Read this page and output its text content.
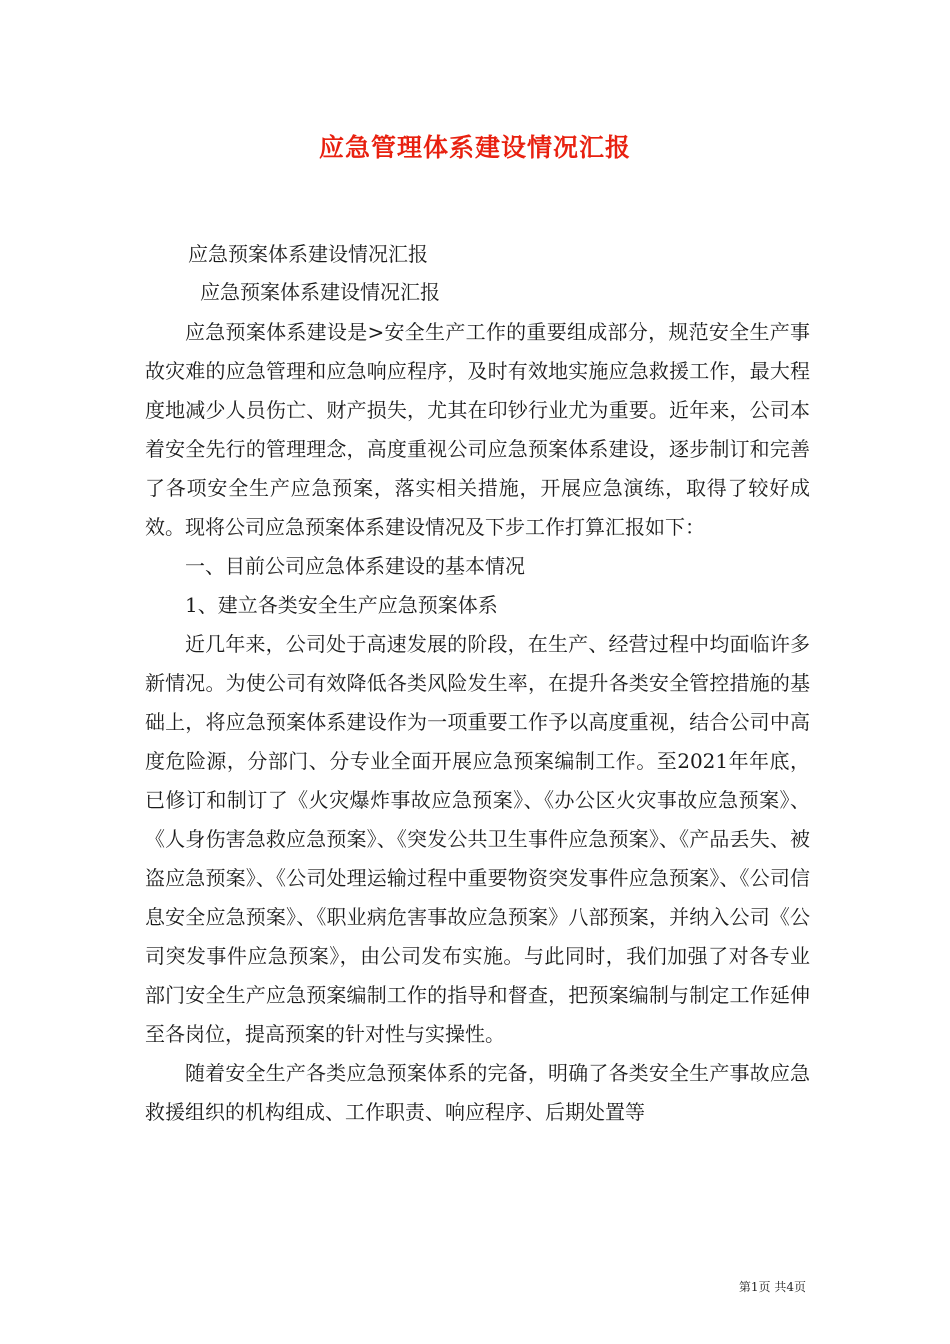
应急管理体系建设情况汇报

应急预案体系建设情况汇报

应急预案体系建设情况汇报

应急预案体系建设是>安全生产工作的重要组成部分，规范安全生产事故灾难的应急管理和应急响应程序，及时有效地实施应急救援工作，最大程度地减少人员伤亡、财产损失，尤其在印钞行业尤为重要。近年来，公司本着安全先行的管理理念，高度重视公司应急预案体系建设，逐步制订和完善了各项安全生产应急预案，落实相关措施，开展应急演练，取得了较好成效。现将公司应急预案体系建设情况及下步工作打算汇报如下：

一、目前公司应急体系建设的基本情况

1、建立各类安全生产应急预案体系

近几年来，公司处于高速发展的阶段，在生产、经营过程中均面临许多新情况。为使公司有效降低各类风险发生率，在提升各类安全管控措施的基础上，将应急预案体系建设作为一项重要工作予以高度重视，结合公司中高度危险源，分部门、分专业全面开展应急预案编制工作。至2021年年底，已修订和制订了《火灾爆炸事故应急预案》、《办公区火灾事故应急预案》、《人身伤害急救应急预案》、《突发公共卫生事件应急预案》、《产品丢失、被盗应急预案》、《公司处理运输过程中重要物资突发事件应急预案》、《公司信息安全应急预案》、《职业病危害事故应急预案》八部预案，并纳入公司《公司突发事件应急预案》，由公司发布实施。与此同时，我们加强了对各专业部门安全生产应急预案编制工作的指导和督查，把预案编制与制定工作延伸至各岗位，提高预案的针对性与实操性。

随着安全生产各类应急预案体系的完备，明确了各类安全生产事故应急救援组织的机构组成、工作职责、响应程序、后期处置等

第1页 共4页
